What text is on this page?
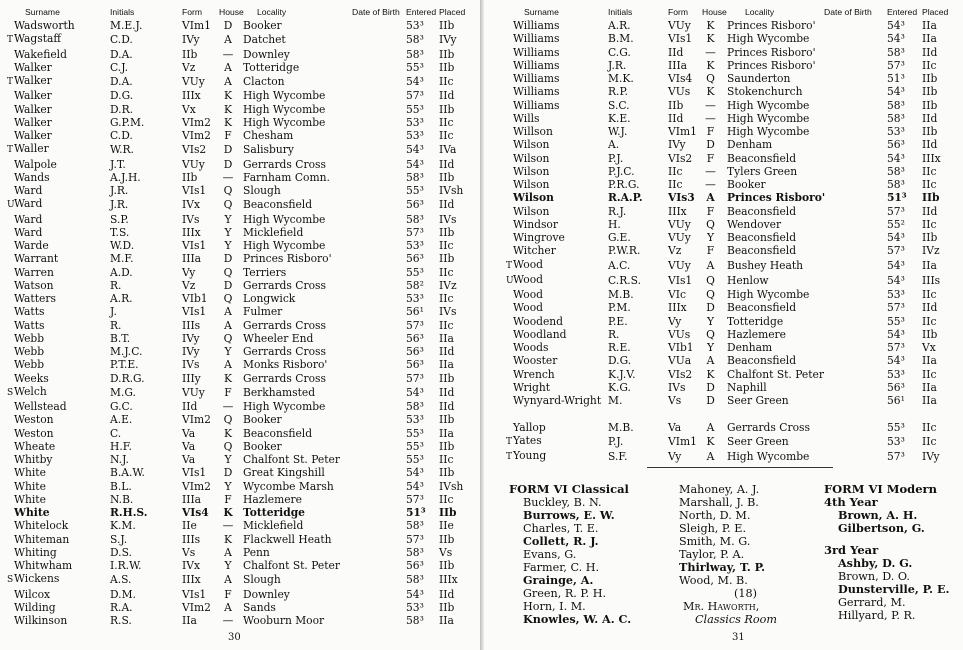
Surname	Initials	Form	House	Locality	Date of Birth	Entered	Placed
Wadsworth	M.E.J.	VIm1	D	Booker		53³	IIb
TWagstaff	C.D.	IVy	A	Datchet		58³	IVy
Wakefield	D.A.	IIb	—	Downley		58³	IIb
Walker	C.J.	Vz	A	Totteridge		55³	IIb
TWalker	D.A.	VUy	A	Clacton		54³	IIc
Walker	D.G.	IIIx	K	High Wycombe		57³	IId
Walker	D.R.	Vx	K	High Wycombe		55³	IIb
Walker	G.P.M.	VIm2	K	High Wycombe		53³	IIc
Walker	C.D.	VIm2	F	Chesham		53³	IIc
TWaller	W.R.	VIs2	D	Salisbury		54³	IVa
Walpole	J.T.	VUy	D	Gerrards Cross		54³	IId
Wands	A.J.H.	IIb	—	Farnham Comn.		58³	IIb
Ward	J.R.	VIs1	Q	Slough		55³	IVsh
UWard	J.R.	IVx	Q	Beaconsfield		56³	IId
Ward	S.P.	IVs	Y	High Wycombe		58³	IVs
Ward	T.S.	IIIx	Y	Micklefield		57³	IIb
Warde	W.D.	VIs1	Y	High Wycombe		53³	IIc
Warrant	M.F.	IIIa	D	Princes Risboro'		56³	IIb
Warren	A.D.	Vy	Q	Terriers		55³	IIc
Watson	R.	Vz	D	Gerrards Cross		58²	IVz
Watters	A.R.	VIb1	Q	Longwick		53³	IIc
Watts	J.	VIs1	A	Fulmer		56¹	IVs
Watts	R.	IIIs	A	Gerrards Cross		57³	IIc
Webb	B.T.	IVy	Q	Wheeler End		56³	IIa
Webb	M.J.C.	IVy	Y	Gerrards Cross		56³	IId
Webb	P.T.E.	IVs	A	Monks Risboro'		56³	IIa
Weeks	D.R.G.	IIIy	K	Gerrards Cross		57³	IIb
SWelch	M.G.	VUy	F	Berkhamsted		54³	IId
Wellstead	G.C.	IId	—	High Wycombe		58³	IId
Weston	A.E.	VIm2	Q	Booker		53³	IIb
Weston	C.	Va	K	Beaconsfield		55³	IIa
Wheate	H.F.	Va	Q	Booker		55³	IIb
Whitby	N.J.	Va	Y	Chalfont St. Peter		55³	IIc
White	B.A.W.	VIs1	D	Great Kingshill		54³	IIb
White	B.L.	VIm2	Y	Wycombe Marsh		54³	IVsh
White	N.B.	IIIa	F	Hazlemere		57³	IIc
White	R.H.S.	VIs4	K	Totteridge		51³	IIb
Whitelock	K.M.	IIe	—	Micklefield		58³	IIe
Whiteman	S.J.	IIIs	K	Flackwell Heath		57³	IIb
Whiting	D.S.	Vs	A	Penn		58³	Vs
Whitwham	I.R.W.	IVx	Y	Chalfont St. Peter		56³	IIb
SWickens	A.S.	IIIx	A	Slough		58³	IIIx
Wilcox	D.M.	VIs1	F	Downley		54³	IId
Wilding	R.A.	VIm2	A	Sands		53³	IIb
Wilkinson	R.S.	IIa	—	Wooburn Moor		58³	IIa
30
Surname	Initials	Form	House	Locality	Date of Birth	Entered	Placed
Williams	A.R.	VUy	K	Princes Risboro'		54³	IIa
Williams	B.M.	VIs1	K	High Wycombe		54³	IIa
Williams	C.G.	IId	—	Princes Risboro'		58³	IId
Williams	J.R.	IIIa	K	Princes Risboro'		57³	IIc
Williams	M.K.	VIs4	Q	Saunderton		51³	IIb
Williams	R.P.	VUs	K	Stokenchurch		54³	IIb
Williams	S.C.	IIb	—	High Wycombe		58³	IIb
Wills	K.E.	IId	—	High Wycombe		58³	IId
Willson	W.J.	VIm1	F	High Wycombe		53³	IIb
Wilson	A.	IVy	D	Denham		56³	IId
Wilson	P.J.	VIs2	F	Beaconsfield		54³	IIIx
Wilson	P.J.C.	IIc	—	Tylers Green		58³	IIc
Wilson	P.R.G.	IIc	—	Booker		58³	IIc
Wilson	R.A.P.	VIs3	A	Princes Risboro'		51³	IIb
Wilson	R.J.	IIIx	F	Beaconsfield		57³	IId
Windsor	H.	VUy	Q	Wendover		55²	IIc
Wingrove	G.E.	VUy	Y	Beaconsfield		54³	IIb
Witcher	P.W.R.	Vz	F	Beaconsfield		57³	IVz
TWood	A.C.	VUy	A	Bushey Heath		54³	IIa
UWood	C.R.S.	VIs1	Q	Henlow		54³	IIIs
Wood	M.B.	VIc	Q	High Wycombe		53³	IIc
Wood	P.M.	IIIx	D	Beaconsfield		57³	IId
Woodend	P.E.	Vy	Y	Totteridge		55³	IIc
Woodland	R.	VUs	Q	Hazlemere		54³	IIb
Woods	R.E.	VIb1	Y	Denham		57³	Vx
Wooster	D.G.	VUa	A	Beaconsfield		54³	IIa
Wrench	K.J.V.	VIs2	K	Chalfont St. Peter		53³	IIc
Wright	K.G.	IVs	D	Naphill		56³	IIa
Wynyard-Wright	M.	Vs	D	Seer Green		56¹	IIa

Yallop	M.B.	Va	A	Gerrards Cross		55³	IIc
TYates	P.J.	VIm1	K	Seer Green		53³	IIc
TYoung	S.F.	Vy	A	High Wycombe		57³	IVy
FORM VI Classical
Buckley, B. N.
Burrows, E. W.
Charles, T. E.
Collett, R. J.
Evans, G.
Farmer, C. H.
Grainge, A.
Green, R. P. H.
Horn, I. M.
Knowles, W. A. C.
Mahoney, A. J.
Marshall, J. B.
North, D. M.
Sleigh, P. E.
Smith, M. G.
Taylor, P. A.
Thirlway, T. P.
Wood, M. B.
(18)
Mr. Haworth,
Classics Room
FORM VI Modern
4th Year
Brown, A. H.
Gilbertson, G.
3rd Year
Ashby, D. G.
Brown, D. O.
Dunsterville, P. E.
Gerrard, M.
Hillyard, P. R.
31
